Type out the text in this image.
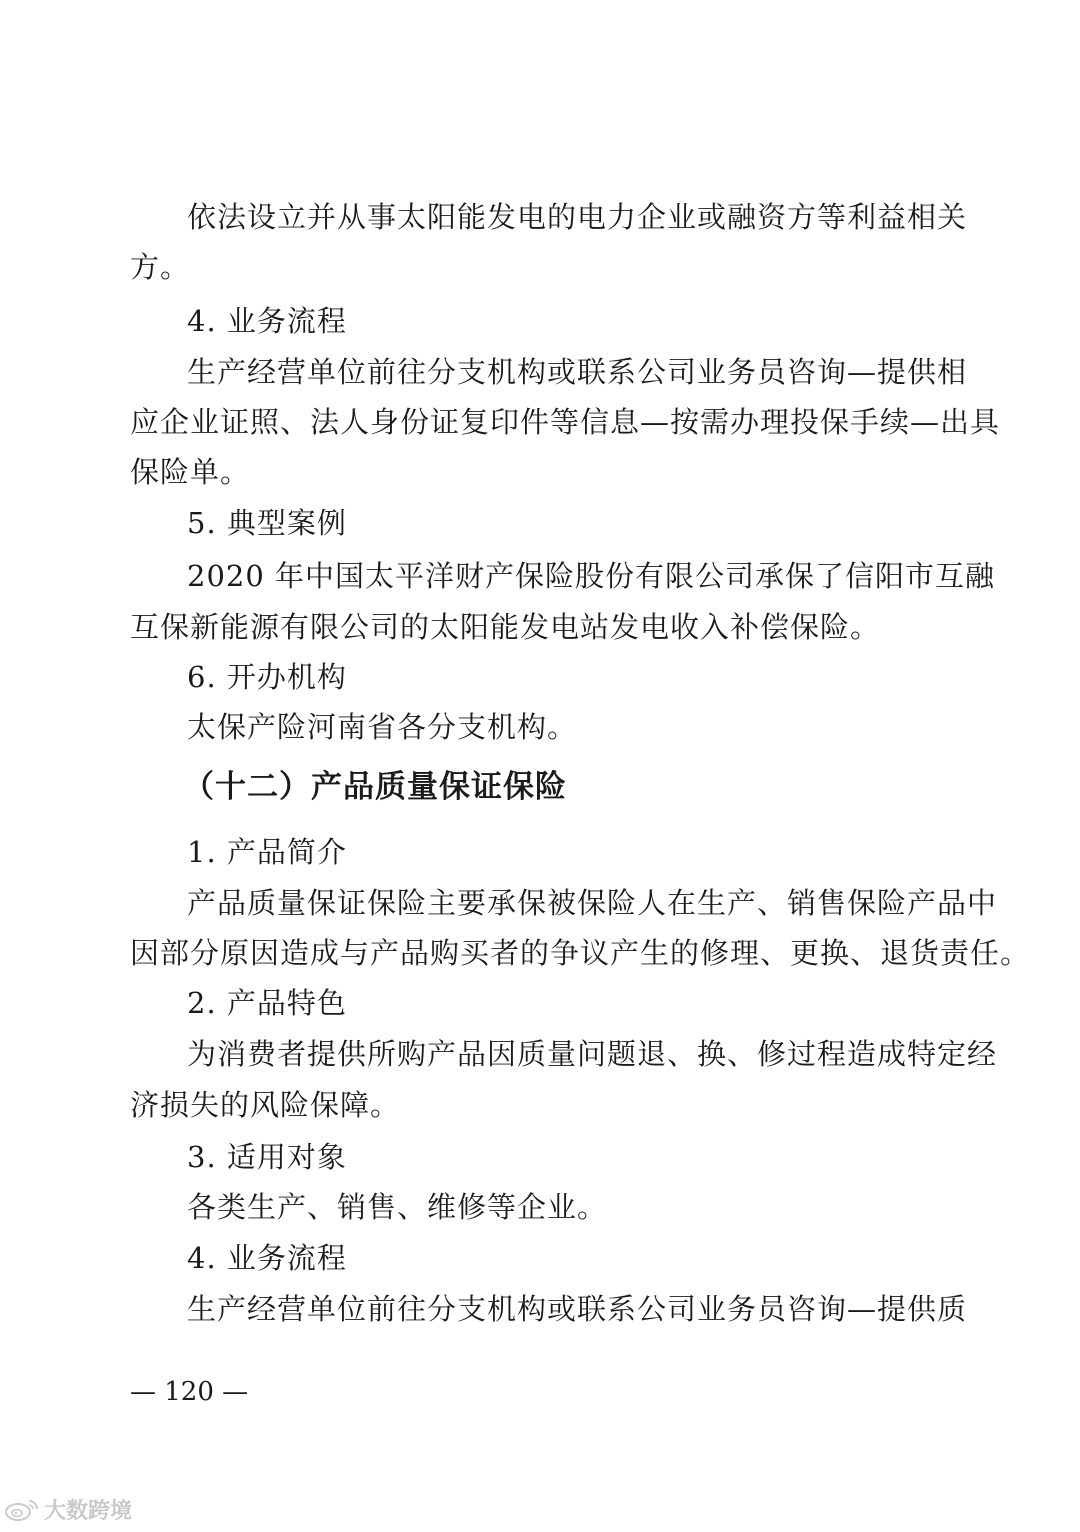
依法设立并从事太阳能发电的电力企业或融资方等利益相关
方。
4. 业务流程
生产经营单位前往分支机构或联系公司业务员咨询—提供相
应企业证照、法人身份证复印件等信息—按需办理投保手续—出具
保险单。
5. 典型案例
2020 年中国太平洋财产保险股份有限公司承保了信阳市互融
互保新能源有限公司的太阳能发电站发电收入补偿保险。
6. 开办机构
太保产险河南省各分支机构。
（十二）产品质量保证保险
1. 产品简介
产品质量保证保险主要承保被保险人在生产、销售保险产品中
因部分原因造成与产品购买者的争议产生的修理、更换、退货责任。
2. 产品特色
为消费者提供所购产品因质量问题退、换、修过程造成特定经
济损失的风险保障。
3. 适用对象
各类生产、销售、维修等企业。
4. 业务流程
生产经营单位前往分支机构或联系公司业务员咨询—提供质
— 120 —
大数跨境
